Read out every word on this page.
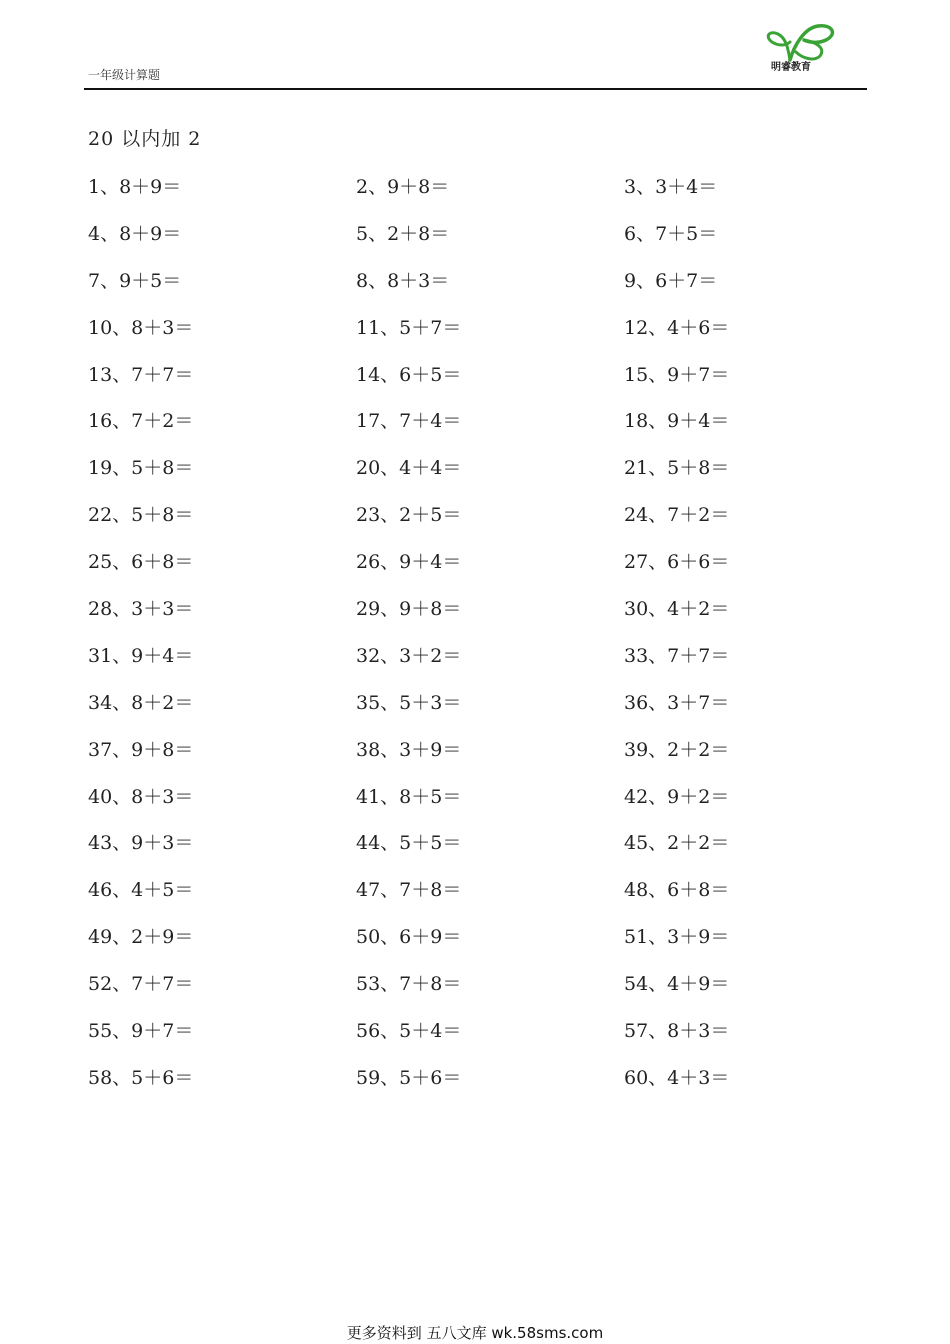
一年级计算题
明睿教育
20 以内加 2
1、8＋9＝	2、9＋8＝	3、3＋4＝
4、8＋9＝	5、2＋8＝	6、7＋5＝
7、9＋5＝	8、8＋3＝	9、6＋7＝
10、8＋3＝	11、5＋7＝	12、4＋6＝
13、7＋7＝	14、6＋5＝	15、9＋7＝
16、7＋2＝	17、7＋4＝	18、9＋4＝
19、5＋8＝	20、4＋4＝	21、5＋8＝
22、5＋8＝	23、2＋5＝	24、7＋2＝
25、6＋8＝	26、9＋4＝	27、6＋6＝
28、3＋3＝	29、9＋8＝	30、4＋2＝
31、9＋4＝	32、3＋2＝	33、7＋7＝
34、8＋2＝	35、5＋3＝	36、3＋7＝
37、9＋8＝	38、3＋9＝	39、2＋2＝
40、8＋3＝	41、8＋5＝	42、9＋2＝
43、9＋3＝	44、5＋5＝	45、2＋2＝
46、4＋5＝	47、7＋8＝	48、6＋8＝
49、2＋9＝	50、6＋9＝	51、3＋9＝
52、7＋7＝	53、7＋8＝	54、4＋9＝
55、9＋7＝	56、5＋4＝	57、8＋3＝
58、5＋6＝	59、5＋6＝	60、4＋3＝
更多资料到 五八文库 wk.58sms.com
